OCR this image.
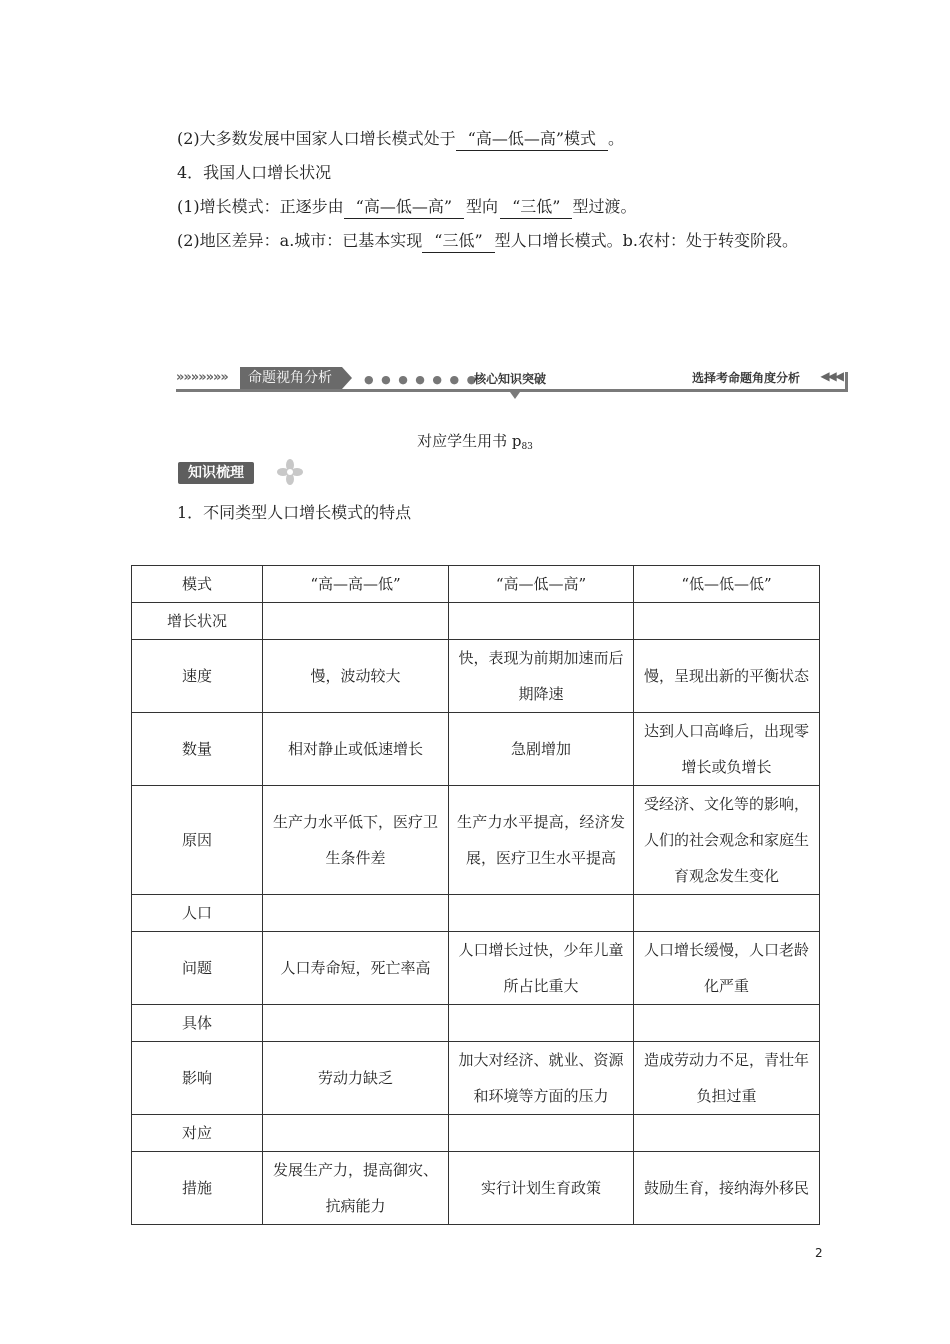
(2)大多数发展中国家人口增长模式处于 “高—低—高”模式 。
4．我国人口增长状况
(1)增长模式：正逐步由 “高—低—高” 型向 “三低” 型过渡。
(2)地区差异：a.城市：已基本实现 “三低” 型人口增长模式。b.农村：处于转变阶段。
»»»»»»»	命题视角分析	● ● ● ● ● ● ● ·
核心知识突破	选择考命题角度分析 ◀◀◀
对应学生用书 $p_{83}$
知识梳理
1．不同类型人口增长模式的特点
模式	“高—高—低”	“高—低—高”	“低—低—低”
增长状况			
速度	慢，波动较大	快，表现为前期加速而后期降速	慢，呈现出新的平衡状态
数量	相对静止或低速增长	急剧增加	达到人口高峰后，出现零增长或负增长
原因	生产力水平低下，医疗卫生条件差	生产力水平提高，经济发展，医疗卫生水平提高	受经济、文化等的影响，人们的社会观念和家庭生育观念发生变化
人口			
问题	人口寿命短，死亡率高	人口增长过快，少年儿童所占比重大	人口增长缓慢，人口老龄化严重
具体			
影响	劳动力缺乏	加大对经济、就业、资源和环境等方面的压力	造成劳动力不足，青壮年负担过重
对应			
措施	发展生产力，提高御灾、抗病能力	实行计划生育政策	鼓励生育，接纳海外移民
2
